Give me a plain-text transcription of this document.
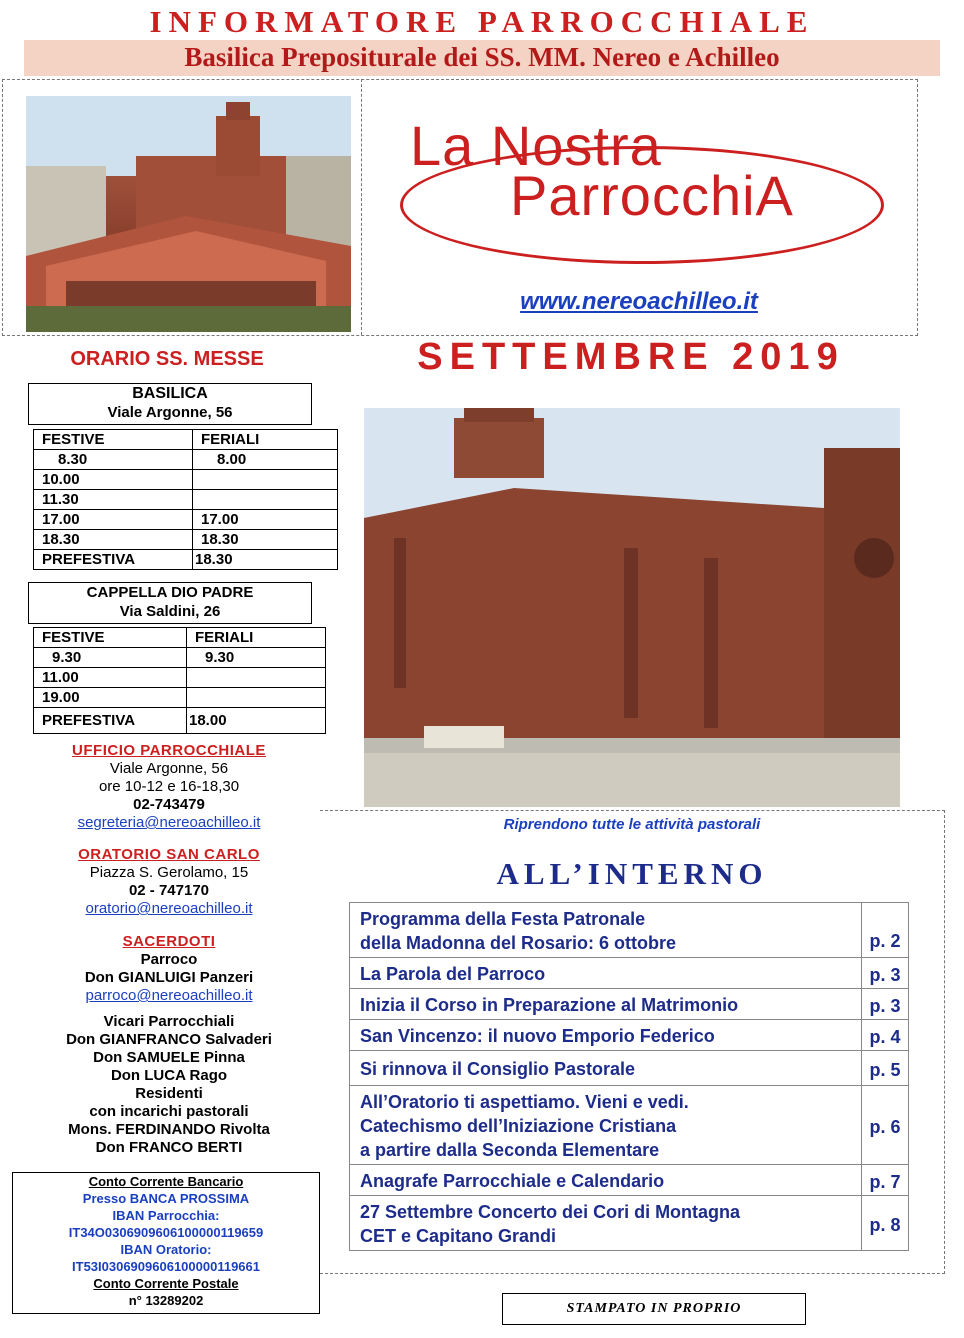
INFORMATORE PARROCCHIALE
Basilica Prepositurale dei SS. MM. Nereo e Achilleo
La Nostra
ParrocchiA
www.nereoachilleo.it
ORARIO SS. MESSE	SETTEMBRE 2019
BASILICA
Viale Argonne, 56
FESTIVE	FERIALI
8.30	8.00
10.00	
11.30	
17.00	17.00
18.30	18.30
PREFESTIVA	18.30
CAPPELLA DIO PADRE
Via Saldini, 26
FESTIVE	FERIALI
9.30	9.30
11.00	
19.00	
PREFESTIVA	18.00
UFFICIO PARROCCHIALE
Viale Argonne, 56
ore 10-12 e 16-18,30
02-743479
segreteria@nereoachilleo.it
ORATORIO SAN CARLO
Piazza S. Gerolamo, 15
02 - 747170
oratorio@nereoachilleo.it
SACERDOTI
Parroco
Don GIANLUIGI Panzeri
parroco@nereoachilleo.it
Vicari Parrocchiali
Don GIANFRANCO Salvaderi
Don SAMUELE Pinna
Don LUCA Rago
Residenti
con incarichi pastorali
Mons. FERDINANDO Rivolta
Don FRANCO BERTI
Conto Corrente Bancario
Presso BANCA PROSSIMA
IBAN Parrocchia:
IT34O0306909606100000119659
IBAN Oratorio:
IT53I0306909606100000119661
Conto Corrente Postale
n° 13289202
Riprendono tutte le attività pastorali
ALL’INTERNO
Programma della Festa Patronale
della Madonna del Rosario: 6 ottobre	p. 2

La Parola del Parroco	p. 3

Inizia il Corso in Preparazione al Matrimonio	p. 3

San Vincenzo: il nuovo Emporio Federico	p. 4

Si rinnova il Consiglio Pastorale	p. 5

All’Oratorio ti aspettiamo. Vieni e vedi.
Catechismo dell’Iniziazione Cristiana
a partire dalla Seconda Elementare	p. 6

Anagrafe Parrocchiale e Calendario	p. 7

27 Settembre Concerto dei Cori di Montagna
CET e Capitano Grandi	p. 8
STAMPATO IN PROPRIO
